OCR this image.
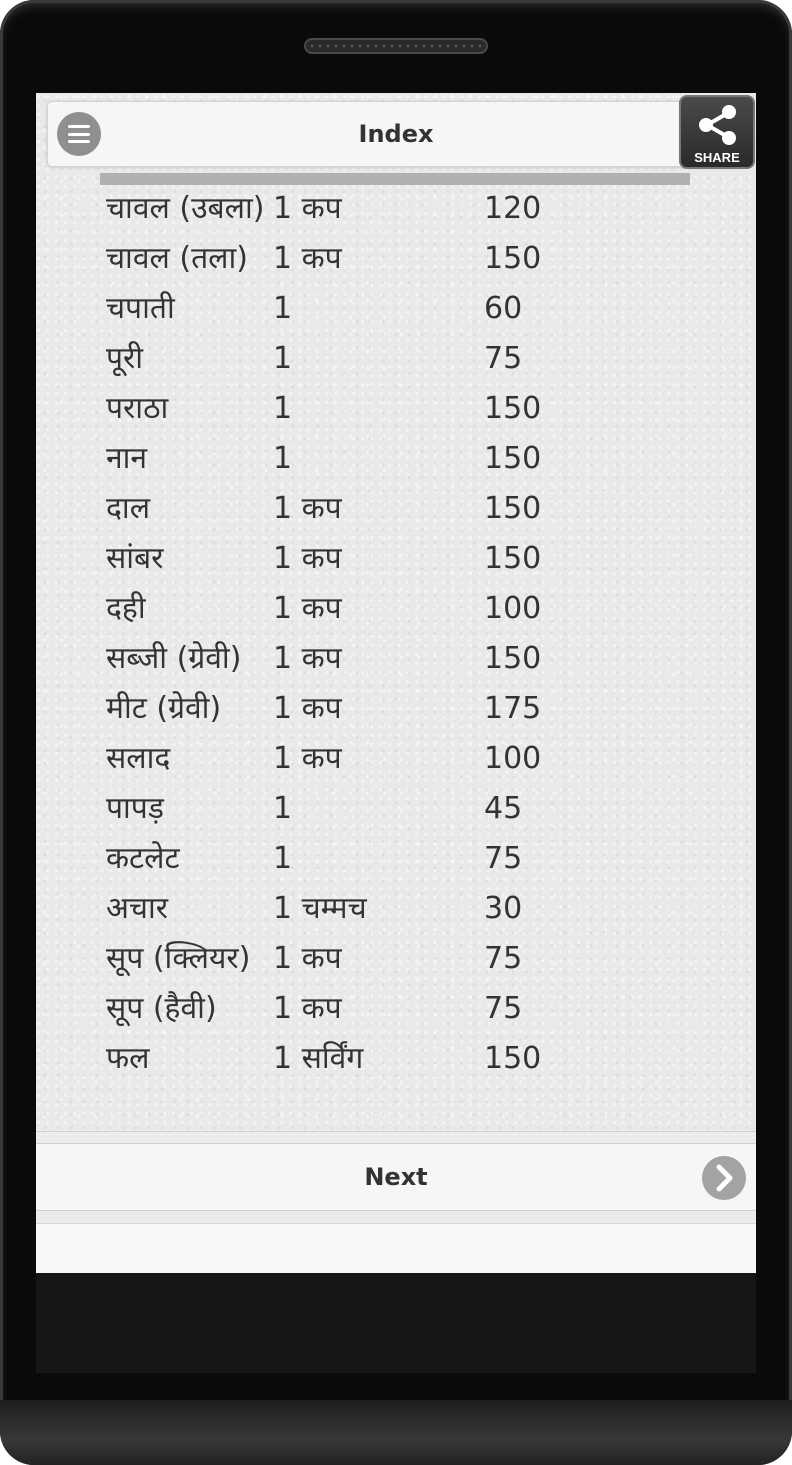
चावल (उबला) 1 कप	120
चावल (तला) 1 कप	150
चपाती	1	60
पूरी	1	75
पराठा	1	150
नान	1	150
दाल	1 कप	150
सांबर	1 कप	150
दही	1 कप	100
सब्जी (ग्रेवी) 1 कप	150
मीट (ग्रेवी) 1 कप	175
सलाद	1 कप	100
पापड़	1	45
कटलेट	1	75
अचार	1 चम्मच	30
सूप (क्लियर) 1 कप	75
सूप (हैवी) 1 कप	75
फल	1 सर्विंग	150
Index
SHARE
Next
